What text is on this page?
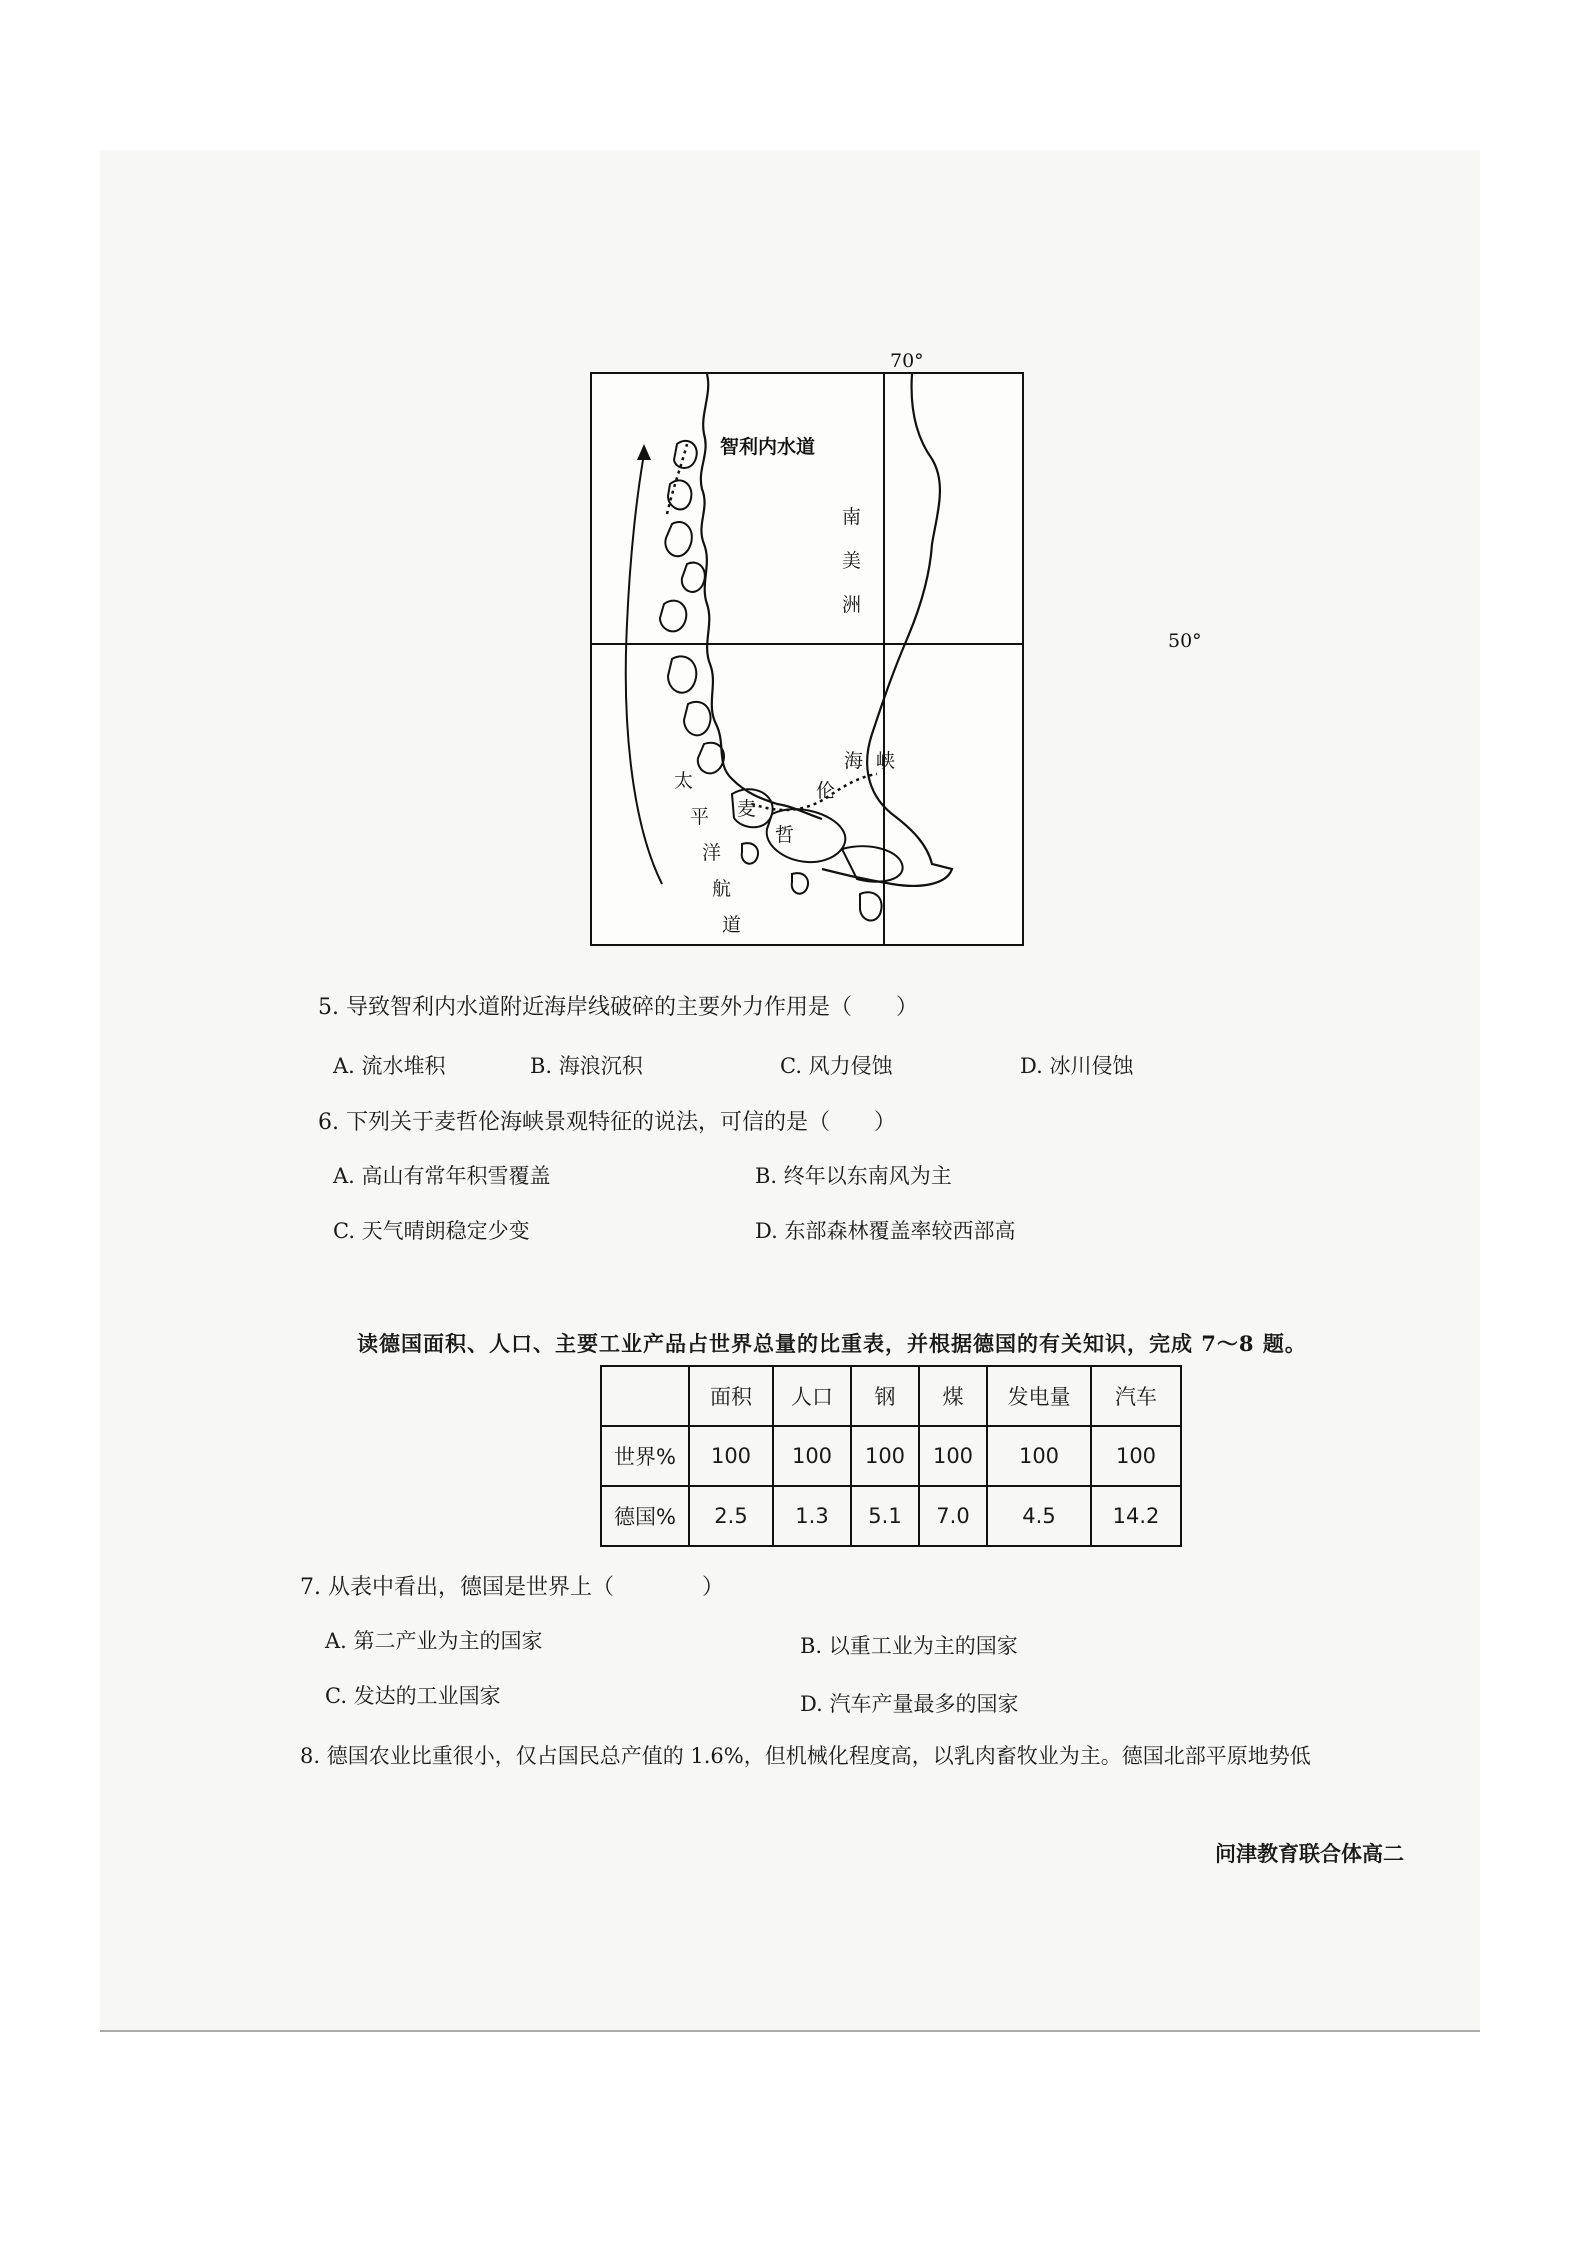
智利内水道
南
美
洲
麦
哲
伦
海 峡
太
平
洋
航
道
70°
50°
5. 导致智利内水道附近海岸线破碎的主要外力作用是（　　）
A. 流水堆积	B. 海浪沉积	C. 风力侵蚀	D. 冰川侵蚀
6. 下列关于麦哲伦海峡景观特征的说法，可信的是（　　）
A. 高山有常年积雪覆盖	B. 终年以东南风为主
C. 天气晴朗稳定少变	D. 东部森林覆盖率较西部高
读德国面积、人口、主要工业产品占世界总量的比重表，并根据德国的有关知识，完成 7～8 题。
	面积	人口	钢	煤	发电量	汽车
世界%	100	100	100	100	100	100
德国%	2.5	1.3	5.1	7.0	4.5	14.2
7. 从表中看出，德国是世界上（　　　　）
A. 第二产业为主的国家	B. 以重工业为主的国家
C. 发达的工业国家	D. 汽车产量最多的国家
8. 德国农业比重很小，仅占国民总产值的 1.6%，但机械化程度高，以乳肉畜牧业为主。德国北部平原地势低
问津教育联合体高二
